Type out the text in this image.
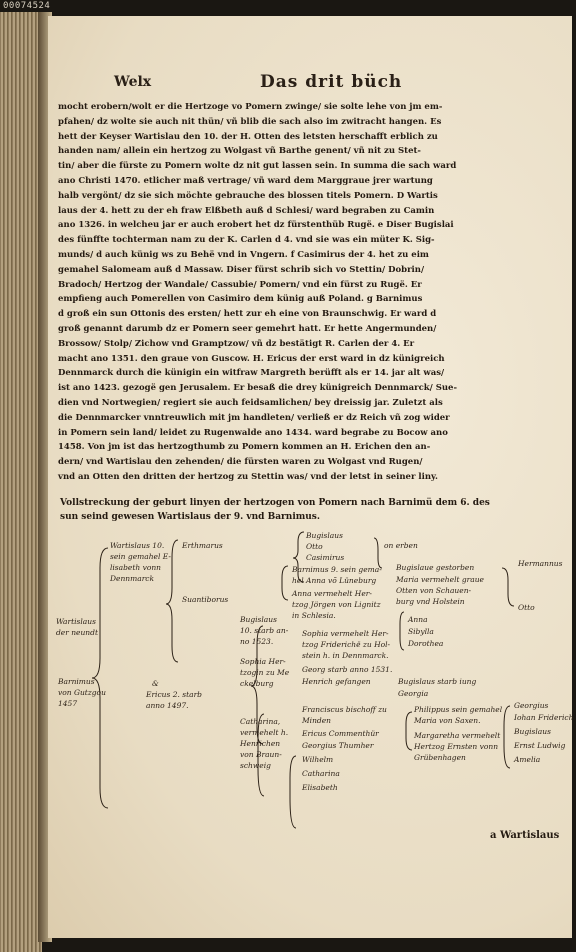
00074524
Welx	Das drit büch

mocht erobern/wolt er die Hertzoge vo Pomern zwinge/ sie solte lehe von jm em-

pfahen/ dz wolte sie auch nit thün/ vñ blib die sach also im zwitracht hangen. Es

hett der Keyser Wartislau den 10. der H. Otten des letsten herschafft erblich zu

handen nam/ allein ein hertzog zu Wolgast vñ Barthe genent/ vñ nit zu Stet-

tin/ aber die fürste zu Pomern wolte dz nit gut lassen sein. In summa die sach ward

ano Christi 1470. etlicher maß vertrage/ vñ ward dem Marggraue jrer wartung

halb vergönt/ dz sie sich möchte gebrauche des blossen titels Pomern. D Wartis

laus der 4. hett zu der eh fraw Elßbeth auß d Schlesi/ ward begraben zu Camin

ano 1326. in welcheu jar er auch erobert het dz fürstenthüb Rugë. e Diser Bugislai

des fünffte tochterman nam zu der K. Carlen d 4. vnd sie was ein müter K. Sig-

munds/ d auch künig ws zu Behë vnd in Vngern. f Casimirus der 4. het zu eim

gemahel Salomeam auß d Massaw. Diser fürst schrib sich vo Stettin/ Dobrin/

Bradoch/ Hertzog der Wandale/ Cassubie/ Pomern/ vnd ein fürst zu Rugë. Er

empfieng auch Pomerellen von Casimiro dem künig auß Poland. g Barnimus

d groß ein sun Ottonis des ersten/ hett zur eh eine von Braunschwig. Er ward d

groß genannt darumb dz er Pomern seer gemehrt hatt. Er hette Angermunden/

Brossow/ Stolp/ Zichow vnd Gramptzow/ vñ dz bestätigt R. Carlen der 4. Er

macht ano 1351. den graue von Guscow. H. Ericus der erst ward in dz künigreich

Dennmarck durch die künigin ein witfraw Margreth berüfft als er 14. jar alt was/

ist ano 1423. gezogë gen Jerusalem. Er besaß die drey künigreich Dennmarck/ Sue-

dien vnd Nortwegien/ regiert sie auch feidsamlichen/ bey dreissig jar. Zuletzt als

die Dennmarcker vnntreuwlich mit jm handleten/ verließ er dz Reich vñ zog wider

in Pomern sein land/ leidet zu Rugenwalde ano 1434. ward begrabe zu Bocow ano

1458. Von jm ist das hertzogthumb zu Pomern kommen an H. Erichen den an-

dern/ vnd Wartislau den zehenden/ die fürsten waren zu Wolgast vnd Rugen/

vnd an Otten den dritten der hertzog zu Stettin was/ vnd der letst in seiner liny.

Vollstreckung der geburt linyen der hertzogen von Pomern nach Barnimü dem 6. des sun seind gewesen Wartislaus der 9. vnd Barnimus.
Wartislaus 10.
sein gemahel E-
lisabeth vonn
Dennmarck
Wartislaus
der neundt
Barnimus
von Gutzgou
1457
&
Ericus 2. starb
anno 1497.
Erthmarus
Suantiborus
Bugislaus
Otto
Casimirus
on erben
Barnimus 9. sein gema-
hel Anna võ Lüneburg
Anna vermehelt Her-
tzog Jörgen von Lignitz
in Schlesia.
Bugislaue gestorben
Maria vermehelt graue
Otten von Schauen-
burg vnd Holstein
Hermannus
Otto
Bugislaus
10. starb an-
no 1523.
Sophia Her-
tzogin zu Me
ckelburg
Catharina,
vermehelt h.
Henrichen
von Braun-
schweig
Anna
Sibylla
Dorothea
Sophia vermehelt Her-
tzog Friderichë zu Hol-
stein h. in Dennmarck.
Georg starb anno 1531.
Henrich gefangen	Bugislaus starb iung
Georgia
Franciscus bischoff zu
Minden
Ericus Commenthür
Georgius Thumher
Wilhelm
Catharina
Elisabeth
Philippus sein gemahel
Maria von Saxen.
Margaretha vermehelt
Hertzog Ernsten vonn
Grübenhagen
Georgius
Iohan Friderich
Bugislaus
Ernst Ludwig
Amelia
a Wartislaus
